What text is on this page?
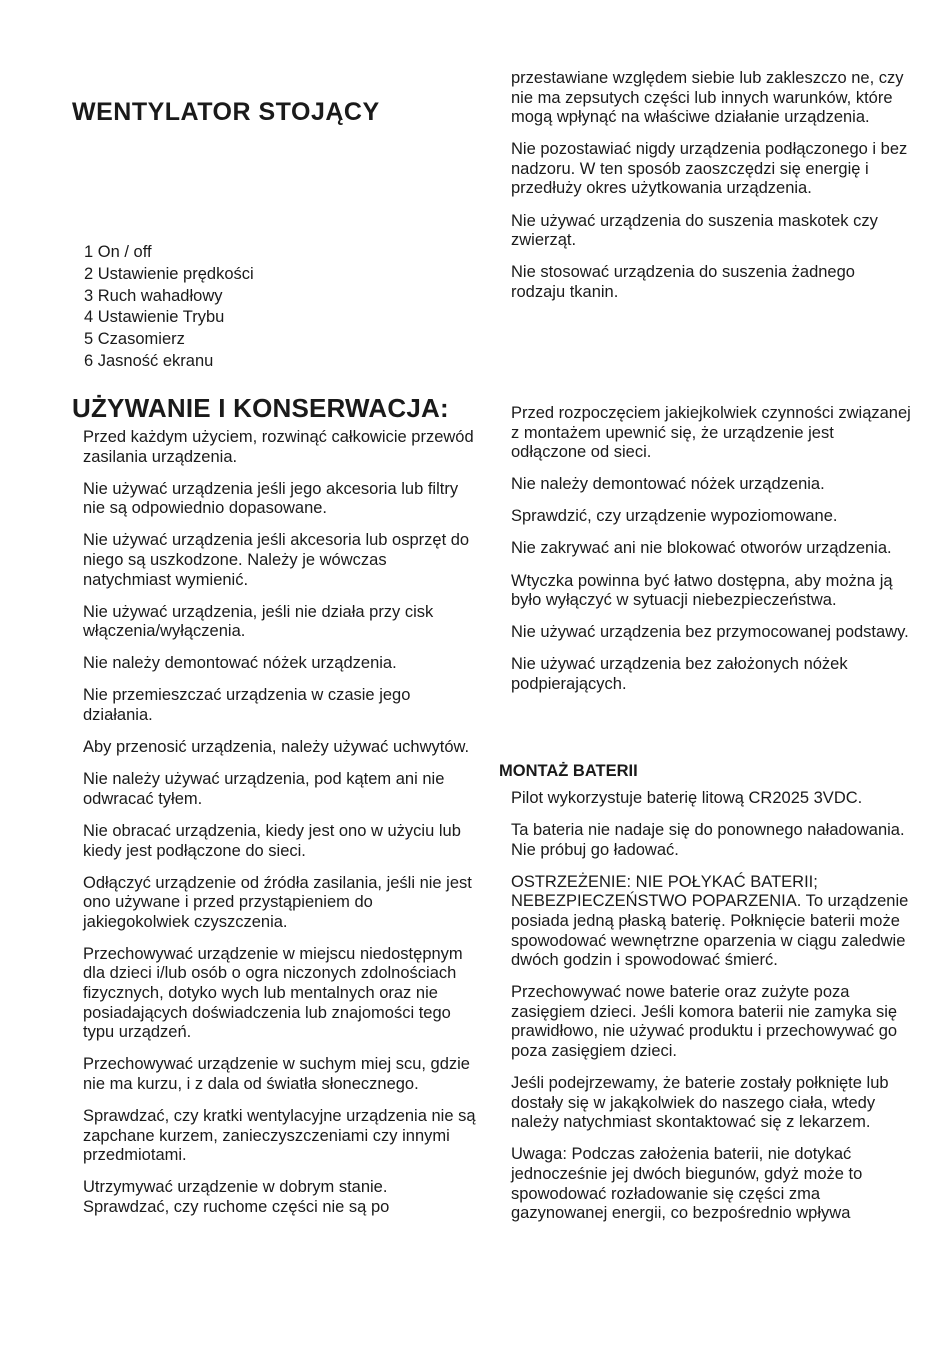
WENTYLATOR STOJĄCY
1 On / off
2 Ustawienie prędkości
3 Ruch wahadłowy
4 Ustawienie Trybu
5 Czasomierz
6 Jasność ekranu
UŻYWANIE I KONSERWACJA:

Przed każdym użyciem, rozwinąć całkowicie przewód zasilania urządzenia.

Nie używać urządzenia jeśli jego akcesoria lub filtry nie są odpowiednio dopasowane.

Nie używać urządzenia jeśli akcesoria lub osprzęt do niego są uszkodzone. Należy je wówczas natychmiast wymienić.

Nie używać urządzenia, jeśli nie działa przy cisk włączenia/wyłączenia.

Nie należy demontować nóżek urządzenia.

Nie przemieszczać urządzenia w czasie jego działania.

Aby przenosić urządzenia, należy używać uchwytów.

Nie należy używać urządzenia, pod kątem ani nie odwracać tyłem.

Nie obracać urządzenia, kiedy jest ono w użyciu lub kiedy jest podłączone do sieci.

Odłączyć urządzenie od źródła zasilania, jeśli nie jest ono używane i przed przystąpieniem do jakiegokolwiek czyszczenia.

Przechowywać urządzenie w miejscu niedostępnym dla dzieci i/lub osób o ogra niczonych zdolnościach fizycznych, dotyko wych lub mentalnych oraz nie posiadających doświadczenia lub znajomości tego typu urządzeń.

Przechowywać urządzenie w suchym miej scu, gdzie nie ma kurzu, i z dala od światła słonecznego.

Sprawdzać, czy kratki wentylacyjne urządzenia nie są zapchane kurzem, zanieczyszczeniami czy innymi przedmiotami.

Utrzymywać urządzenie w dobrym stanie. Sprawdzać, czy ruchome części nie są po

przestawiane względem siebie lub zakleszczo ne, czy nie ma zepsutych części lub innych warunków, które mogą wpłynąć na właściwe działanie urządzenia.

Nie pozostawiać nigdy urządzenia podłączonego i bez nadzoru. W ten sposób zaoszczędzi się energię i przedłuży okres użytkowania urządzenia.

Nie używać urządzenia do suszenia maskotek czy zwierząt.

Nie stosować urządzenia do suszenia żadnego rodzaju tkanin.

Przed rozpoczęciem jakiejkolwiek czynności związanej z montażem upewnić się, że urządzenie jest odłączone od sieci.

Nie należy demontować nóżek urządzenia.

Sprawdzić, czy urządzenie wypoziomowane.

Nie zakrywać ani nie blokować otworów urządzenia.

Wtyczka powinna być łatwo dostępna, aby można ją było wyłączyć w sytuacji niebezpieczeństwa.

Nie używać urządzenia bez przymocowanej podstawy.

Nie używać urządzenia bez założonych nóżek podpierających.

MONTAŻ BATERII

Pilot wykorzystuje baterię litową CR2025 3VDC.

Ta bateria nie nadaje się do ponownego naładowania. Nie próbuj go ładować.

OSTRZEŻENIE: NIE POŁYKAĆ BATERII; NEBEZPIECZEŃSTWO POPARZENIA. To urządzenie posiada jedną płaską baterię. Połknięcie baterii może spowodować wewnętrzne oparzenia w ciągu zaledwie dwóch godzin i spowodować śmierć.

Przechowywać nowe baterie oraz zużyte poza zasięgiem dzieci. Jeśli komora baterii nie zamyka się prawidłowo, nie używać produktu i przechowywać go poza zasięgiem dzieci.

Jeśli podejrzewamy, że baterie zostały połknięte lub dostały się w jakąkolwiek do naszego ciała, wtedy należy natychmiast skontaktować się z lekarzem.

Uwaga: Podczas założenia baterii, nie dotykać jednocześnie jej dwóch biegunów, gdyż może to spowodować rozładowanie się części zma gazynowanej energii, co bezpośrednio wpływa
